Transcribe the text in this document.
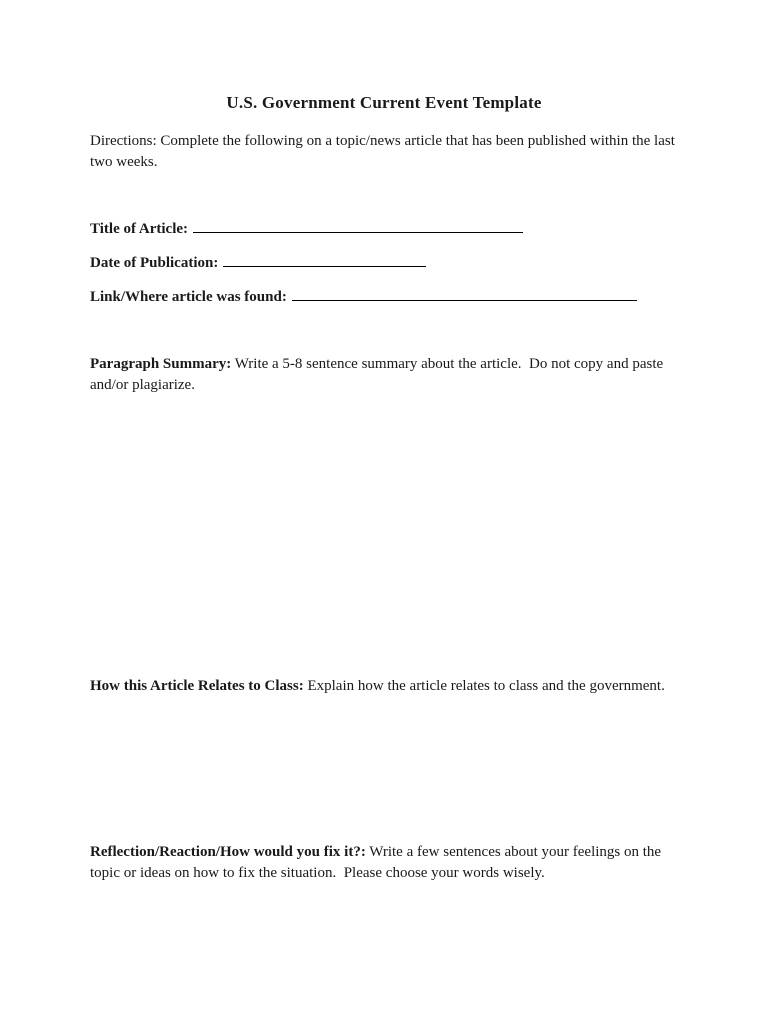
U.S. Government Current Event Template

Directions: Complete the following on a topic/news article that has been published within the last two weeks.

Title of Article:
Date of Publication:
Link/Where article was found:

Paragraph Summary: Write a 5-8 sentence summary about the article.  Do not copy and paste and/or plagiarize.

How this Article Relates to Class: Explain how the article relates to class and the government.

Reflection/Reaction/How would you fix it?: Write a few sentences about your feelings on the topic or ideas on how to fix the situation.  Please choose your words wisely.
